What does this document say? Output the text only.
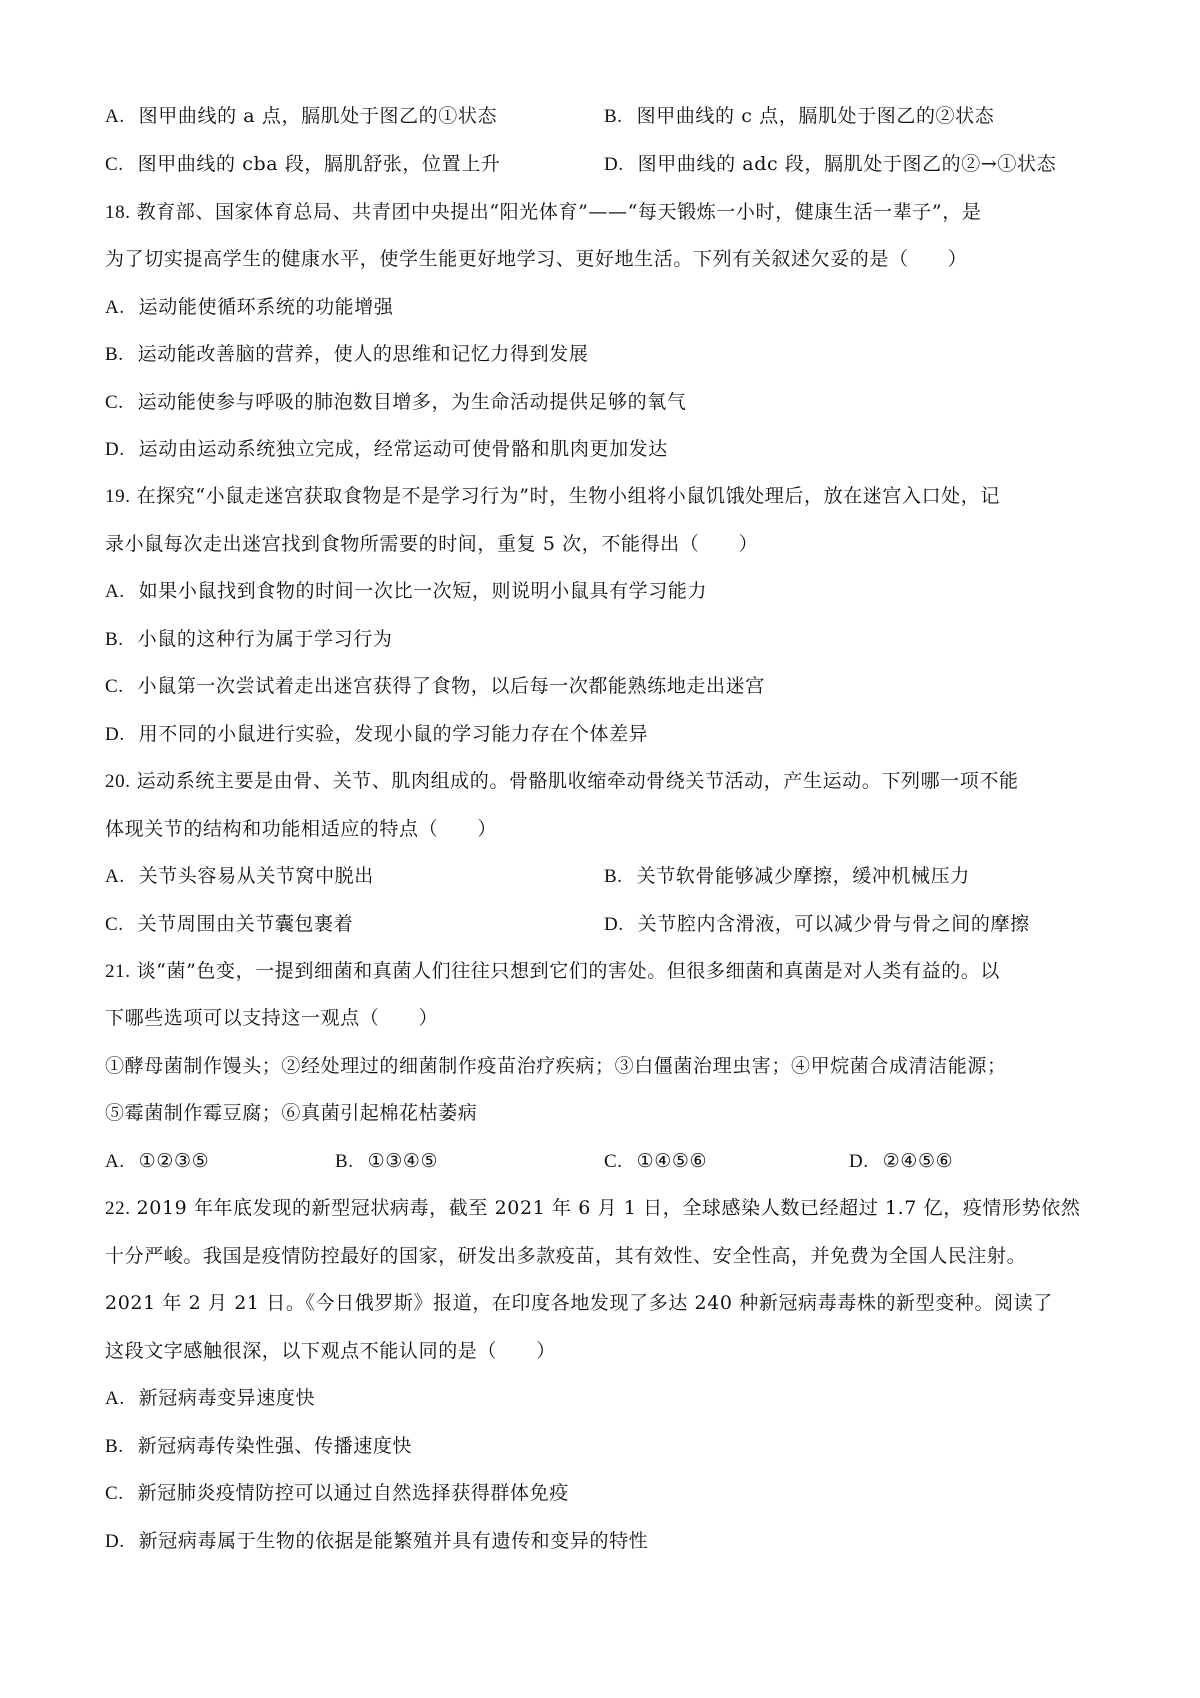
A. 图甲曲线的 a 点，膈肌处于图乙的①状态	B. 图甲曲线的 c 点，膈肌处于图乙的②状态
C. 图甲曲线的 cba 段，膈肌舒张，位置上升	D. 图甲曲线的 adc 段，膈肌处于图乙的②→①状态
18. 教育部、国家体育总局、共青团中央提出“阳光体育”——“每天锻炼一小时，健康生活一辈子”，是
为了切实提高学生的健康水平，使学生能更好地学习、更好地生活。下列有关叙述欠妥的是（　　）
A. 运动能使循环系统的功能增强
B. 运动能改善脑的营养，使人的思维和记忆力得到发展
C. 运动能使参与呼吸的肺泡数目增多，为生命活动提供足够的氧气
D. 运动由运动系统独立完成，经常运动可使骨骼和肌肉更加发达
19. 在探究“小鼠走迷宫获取食物是不是学习行为”时，生物小组将小鼠饥饿处理后，放在迷宫入口处，记
录小鼠每次走出迷宫找到食物所需要的时间，重复 5 次，不能得出（　　）
A. 如果小鼠找到食物的时间一次比一次短，则说明小鼠具有学习能力
B. 小鼠的这种行为属于学习行为
C. 小鼠第一次尝试着走出迷宫获得了食物，以后每一次都能熟练地走出迷宫
D. 用不同的小鼠进行实验，发现小鼠的学习能力存在个体差异
20. 运动系统主要是由骨、关节、肌肉组成的。骨骼肌收缩牵动骨绕关节活动，产生运动。下列哪一项不能
体现关节的结构和功能相适应的特点（　　）
A. 关节头容易从关节窝中脱出	B. 关节软骨能够减少摩擦，缓冲机械压力
C. 关节周围由关节囊包裹着	D. 关节腔内含滑液，可以减少骨与骨之间的摩擦
21. 谈“菌”色变，一提到细菌和真菌人们往往只想到它们的害处。但很多细菌和真菌是对人类有益的。以
下哪些选项可以支持这一观点（　　）
①酵母菌制作馒头；②经处理过的细菌制作疫苗治疗疾病；③白僵菌治理虫害；④甲烷菌合成清洁能源；
⑤霉菌制作霉豆腐；⑥真菌引起棉花枯萎病
A. ①②③⑤	B. ①③④⑤	C. ①④⑤⑥	D. ②④⑤⑥
22. 2019 年年底发现的新型冠状病毒，截至 2021 年 6 月 1 日，全球感染人数已经超过 1.7 亿，疫情形势依然
十分严峻。我国是疫情防控最好的国家，研发出多款疫苗，其有效性、安全性高，并免费为全国人民注射。
2021 年 2 月 21 日。《今日俄罗斯》报道，在印度各地发现了多达 240 种新冠病毒毒株的新型变种。阅读了
这段文字感触很深，以下观点不能认同的是（　　）
A. 新冠病毒变异速度快
B. 新冠病毒传染性强、传播速度快
C. 新冠肺炎疫情防控可以通过自然选择获得群体免疫
D. 新冠病毒属于生物的依据是能繁殖并具有遗传和变异的特性
